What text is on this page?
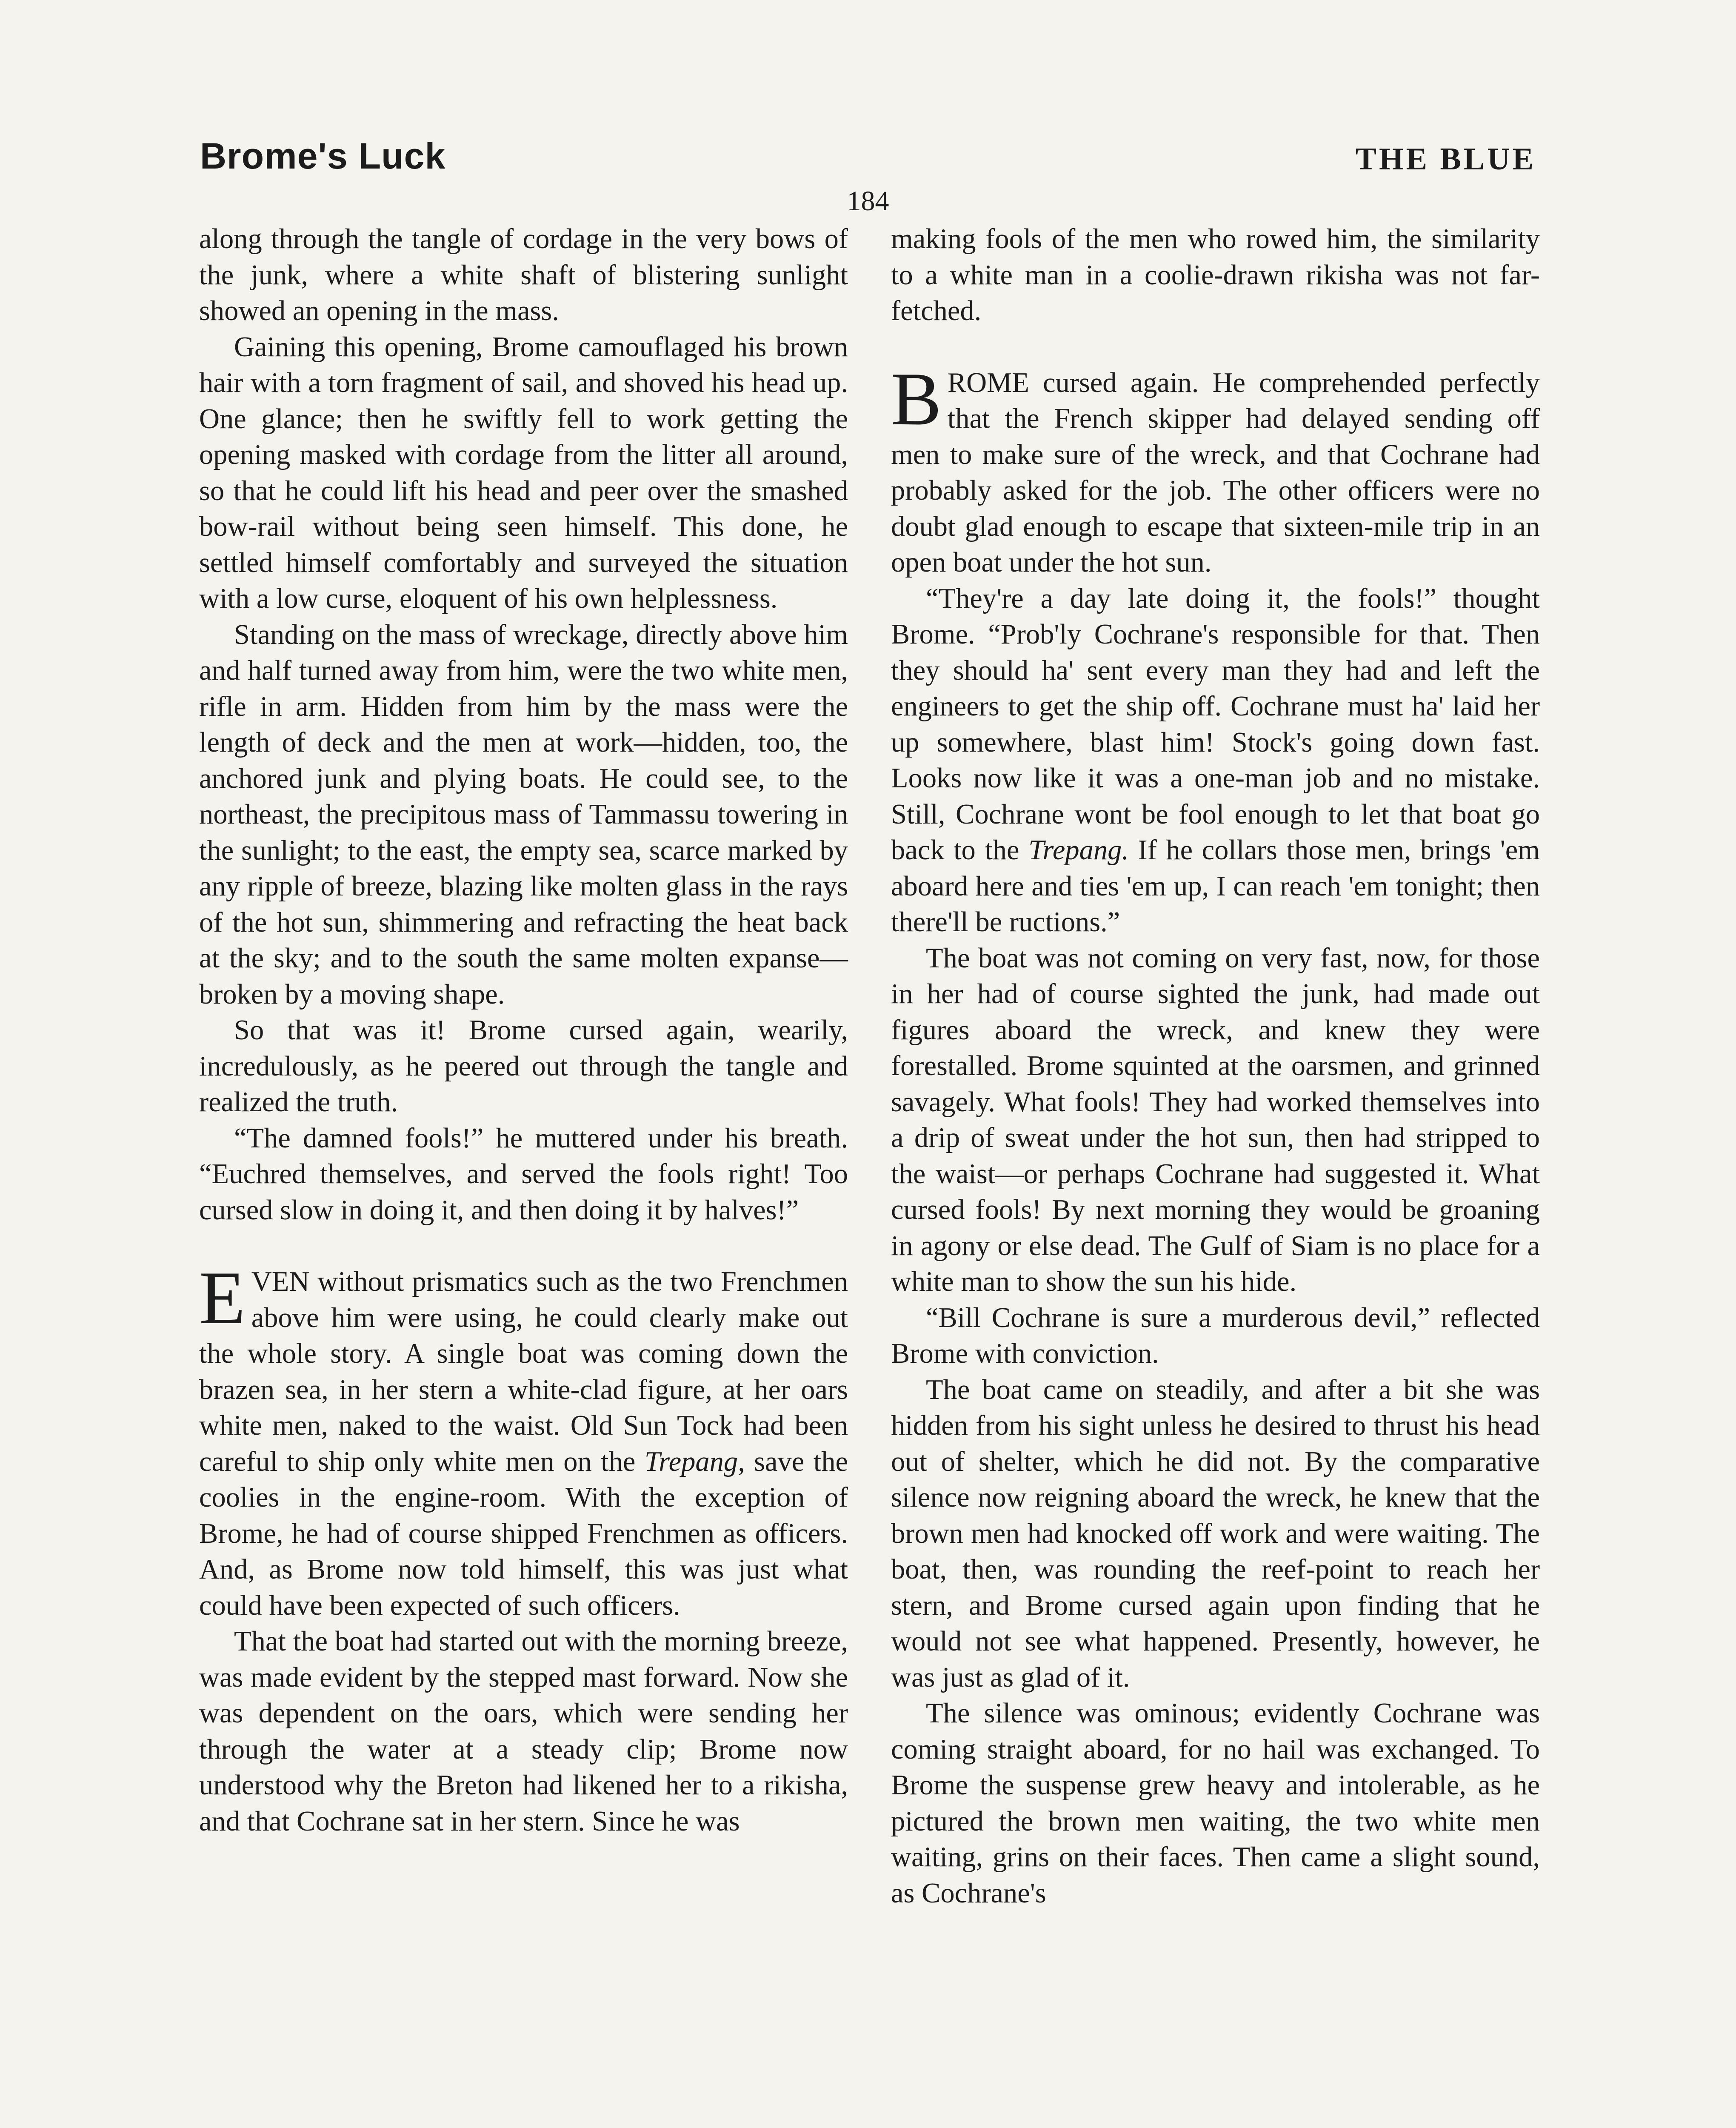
Brome's Luck	THE BLUE
184

along through the tangle of cordage in the very bows of the junk, where a white shaft of blistering sunlight showed an opening in the mass.

Gaining this opening, Brome camouflaged his brown hair with a torn fragment of sail, and shoved his head up. One glance; then he swiftly fell to work getting the opening masked with cordage from the litter all around, so that he could lift his head and peer over the smashed bow-rail without being seen himself. This done, he settled himself comfortably and surveyed the situation with a low curse, eloquent of his own helplessness.

Standing on the mass of wreckage, directly above him and half turned away from him, were the two white men, rifle in arm. Hidden from him by the mass were the length of deck and the men at work—hidden, too, the anchored junk and plying boats. He could see, to the northeast, the precipitous mass of Tammassu towering in the sunlight; to the east, the empty sea, scarce marked by any ripple of breeze, blazing like molten glass in the rays of the hot sun, shimmering and refracting the heat back at the sky; and to the south the same molten expanse—broken by a moving shape.

So that was it! Brome cursed again, wearily, incredulously, as he peered out through the tangle and realized the truth.

“The damned fools!” he muttered under his breath. “Euchred themselves, and served the fools right! Too cursed slow in doing it, and then doing it by halves!”

EVEN without prismatics such as the two Frenchmen above him were using, he could clearly make out the whole story. A single boat was coming down the brazen sea, in her stern a white-clad figure, at her oars white men, naked to the waist. Old Sun Tock had been careful to ship only white men on the Trepang, save the coolies in the engine-room. With the exception of Brome, he had of course shipped Frenchmen as officers. And, as Brome now told himself, this was just what could have been expected of such officers.

That the boat had started out with the morning breeze, was made evident by the stepped mast forward. Now she was dependent on the oars, which were sending her through the water at a steady clip; Brome now understood why the Breton had likened her to a rikisha, and that Cochrane sat in her stern. Since he was

making fools of the men who rowed him, the similarity to a white man in a coolie-drawn rikisha was not far-fetched.

BROME cursed again. He comprehended perfectly that the French skipper had delayed sending off men to make sure of the wreck, and that Cochrane had probably asked for the job. The other officers were no doubt glad enough to escape that sixteen-mile trip in an open boat under the hot sun.

“They're a day late doing it, the fools!” thought Brome. “Prob'ly Cochrane's responsible for that. Then they should ha' sent every man they had and left the engineers to get the ship off. Cochrane must ha' laid her up somewhere, blast him! Stock's going down fast. Looks now like it was a one-man job and no mistake. Still, Cochrane wont be fool enough to let that boat go back to the Trepang. If he collars those men, brings 'em aboard here and ties 'em up, I can reach 'em tonight; then there'll be ructions.”

The boat was not coming on very fast, now, for those in her had of course sighted the junk, had made out figures aboard the wreck, and knew they were forestalled. Brome squinted at the oarsmen, and grinned savagely. What fools! They had worked themselves into a drip of sweat under the hot sun, then had stripped to the waist—or perhaps Cochrane had suggested it. What cursed fools! By next morning they would be groaning in agony or else dead. The Gulf of Siam is no place for a white man to show the sun his hide.

“Bill Cochrane is sure a murderous devil,” reflected Brome with conviction.

The boat came on steadily, and after a bit she was hidden from his sight unless he desired to thrust his head out of shelter, which he did not. By the comparative silence now reigning aboard the wreck, he knew that the brown men had knocked off work and were waiting. The boat, then, was rounding the reef-point to reach her stern, and Brome cursed again upon finding that he would not see what happened. Presently, however, he was just as glad of it.

The silence was ominous; evidently Cochrane was coming straight aboard, for no hail was exchanged. To Brome the suspense grew heavy and intolerable, as he pictured the brown men waiting, the two white men waiting, grins on their faces. Then came a slight sound, as Cochrane's
